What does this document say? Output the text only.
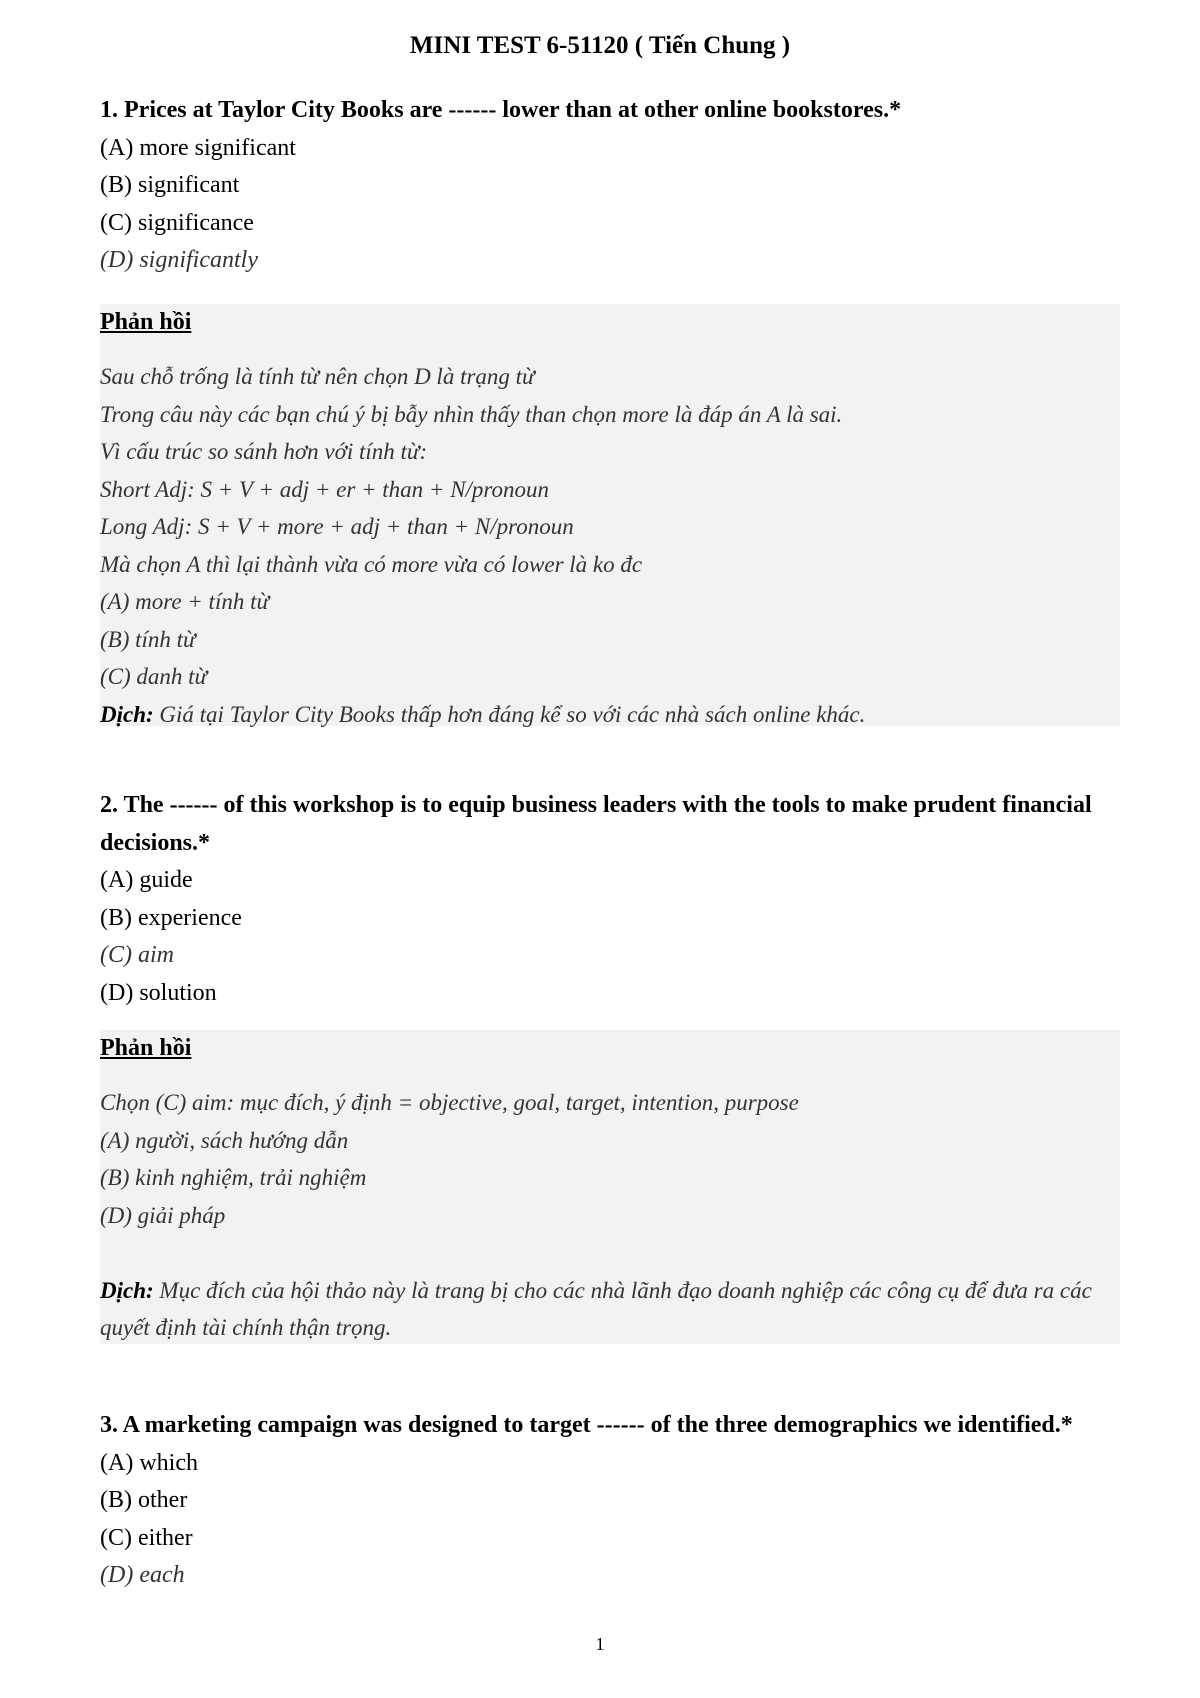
MINI TEST 6-51120 ( Tiến Chung )

1. Prices at Taylor City Books are ------ lower than at other online bookstores.*

(A) more significant

(B) significant

(C) significance

(D) significantly

Phản hồi

Sau chỗ trống là tính từ nên chọn D là trạng từ

Trong câu này các bạn chú ý bị bẫy nhìn thấy than chọn more là đáp án A là sai.

Vì cấu trúc so sánh hơn với tính từ:

Short Adj: S + V + adj + er + than + N/pronoun

Long Adj: S + V + more + adj + than + N/pronoun

Mà chọn A thì lại thành vừa có more vừa có lower là ko đc

(A) more + tính từ

(B) tính từ

(C) danh từ

Dịch: Giá tại Taylor City Books thấp hơn đáng kể so với các nhà sách online khác.

2. The ------ of this workshop is to equip business leaders with the tools to make prudent financial decisions.*

(A) guide

(B) experience

(C) aim

(D) solution

Phản hồi

Chọn (C) aim: mục đích, ý định = objective, goal, target, intention, purpose

(A) người, sách hướng dẫn

(B) kinh nghiệm, trải nghiệm

(D) giải pháp

Dịch: Mục đích của hội thảo này là trang bị cho các nhà lãnh đạo doanh nghiệp các công cụ để đưa ra các quyết định tài chính thận trọng.

3. A marketing campaign was designed to target ------ of the three demographics we identified.*

(A) which

(B) other

(C) either

(D) each

1
